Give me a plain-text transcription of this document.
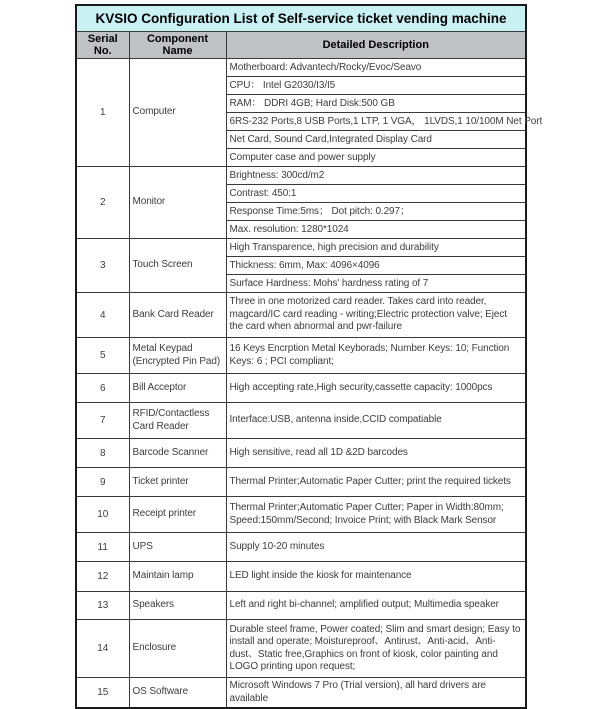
KVSIO Configuration List of Self-service ticket vending machine		
Serial No.	Component Name	Detailed Description
1	Computer	Motherboard: Advantech/Rocky/Evoc/Seavo
		CPU： Intel G2030/I3/I5
		RAM： DDRI 4GB; Hard Disk:500 GB
		6RS-232 Ports,8 USB Ports,1 LTP, 1 VGA， 1LVDS,1 10/100M Net Port
		Net Card, Sound Card,Integrated Display Card
		Computer case and power supply
2	Monitor	Brightness: 300cd/m2
		Contrast: 450:1
		Response Time:5ms； Dot pitch: 0.297；
		Max. resolution: 1280*1024
3	Touch Screen	High Transparence, high precision and durability
		Thickness: 6mm, Max: 4096×4096
		Surface Hardness: Mohs' hardness rating of 7
4	Bank Card Reader	Three in one motorized card reader. Takes card into reader, magcard/IC card reading - writing;Electric protection valve; Eject the card when abnormal and pwr-failure
5	Metal Keypad (Encrypted Pin Pad)	16 Keys Encrption Metal Keyborads; Number Keys: 10; Function Keys: 6 ; PCI compliant;
6	Bill Acceptor	High accepting rate,High security,cassette capacity: 1000pcs
7	RFID/Contactless Card Reader	Interface:USB, antenna inside,CCID compatiable
8	Barcode Scanner	High sensitive, read all 1D &2D barcodes
9	Ticket printer	Thermal Printer;Automatic Paper Cutter; print the required tickets
10	Receipt printer	Thermal Printer;Automatic Paper Cutter; Paper in Width:80mm; Speed:150mm/Second; Invoice Print; with Black Mark Sensor
11	UPS	Supply 10-20 minutes
12	Maintain lamp	LED light inside the kiosk for maintenance
13	Speakers	Left and right bi-channel; amplified output; Multimedia speaker
14	Enclosure	Durable steel frame, Power coated; Slim and smart design; Easy to install and operate; Moistureproof、Antirust、Anti-acid、Anti-dust、Static free,Graphics on front of kiosk, color painting and LOGO printing upon request;
15	OS Software	Microsoft Windows 7 Pro (Trial version), all hard drivers are available
